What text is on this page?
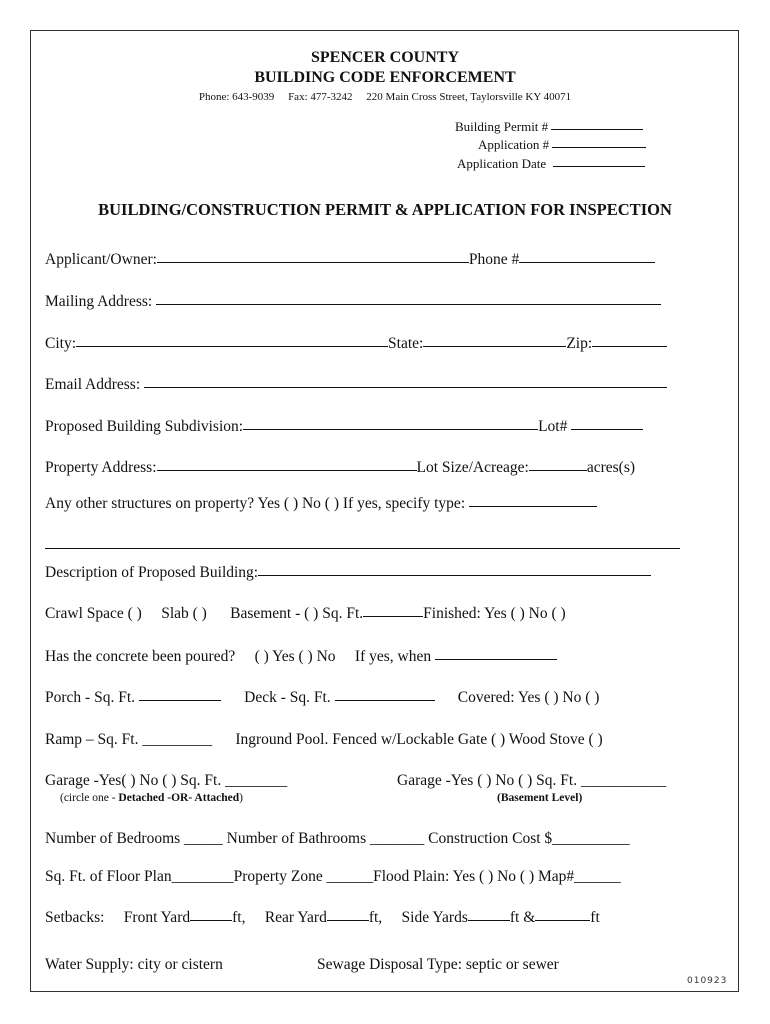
SPENCER COUNTY
BUILDING CODE ENFORCEMENT
Phone: 643-9039 Fax: 477-3242 220 Main Cross Street, Taylorsville KY 40071
Building Permit #
Application #
Application Date
BUILDING/CONSTRUCTION PERMIT & APPLICATION FOR INSPECTION
Applicant/Owner:	Phone #
Mailing Address:
City:	State:	Zip:
Email Address:
Proposed Building Subdivision:	Lot#
Property Address:	Lot Size/Acreage:	acres(s)
Any other structures on property? Yes ( ) No ( ) If yes, specify type:
Description of Proposed Building:
Crawl Space ( ) Slab ( ) Basement - ( ) Sq. Ft.	Finished: Yes ( ) No ( )
Has the concrete been poured? ( ) Yes ( ) No If yes, when
Porch - Sq. Ft.	Deck - Sq. Ft.	Covered: Yes ( ) No ( )
Ramp – Sq. Ft. _________ Inground Pool. Fenced w/Lockable Gate ( ) Wood Stove ( )
Garage -Yes( ) No ( ) Sq. Ft. ________	Garage -Yes ( ) No ( ) Sq. Ft. ___________
(circle one - Detached -OR- Attached)	(Basement Level)
Number of Bedrooms _____ Number of Bathrooms _______ Construction Cost $__________
Sq. Ft. of Floor Plan________Property Zone ______Flood Plain: Yes ( ) No ( ) Map#______
Setbacks: Front Yard	ft, Rear Yard	ft, Side Yards	ft &	ft
Water Supply: city or cistern	Sewage Disposal Type: septic or sewer
010923
